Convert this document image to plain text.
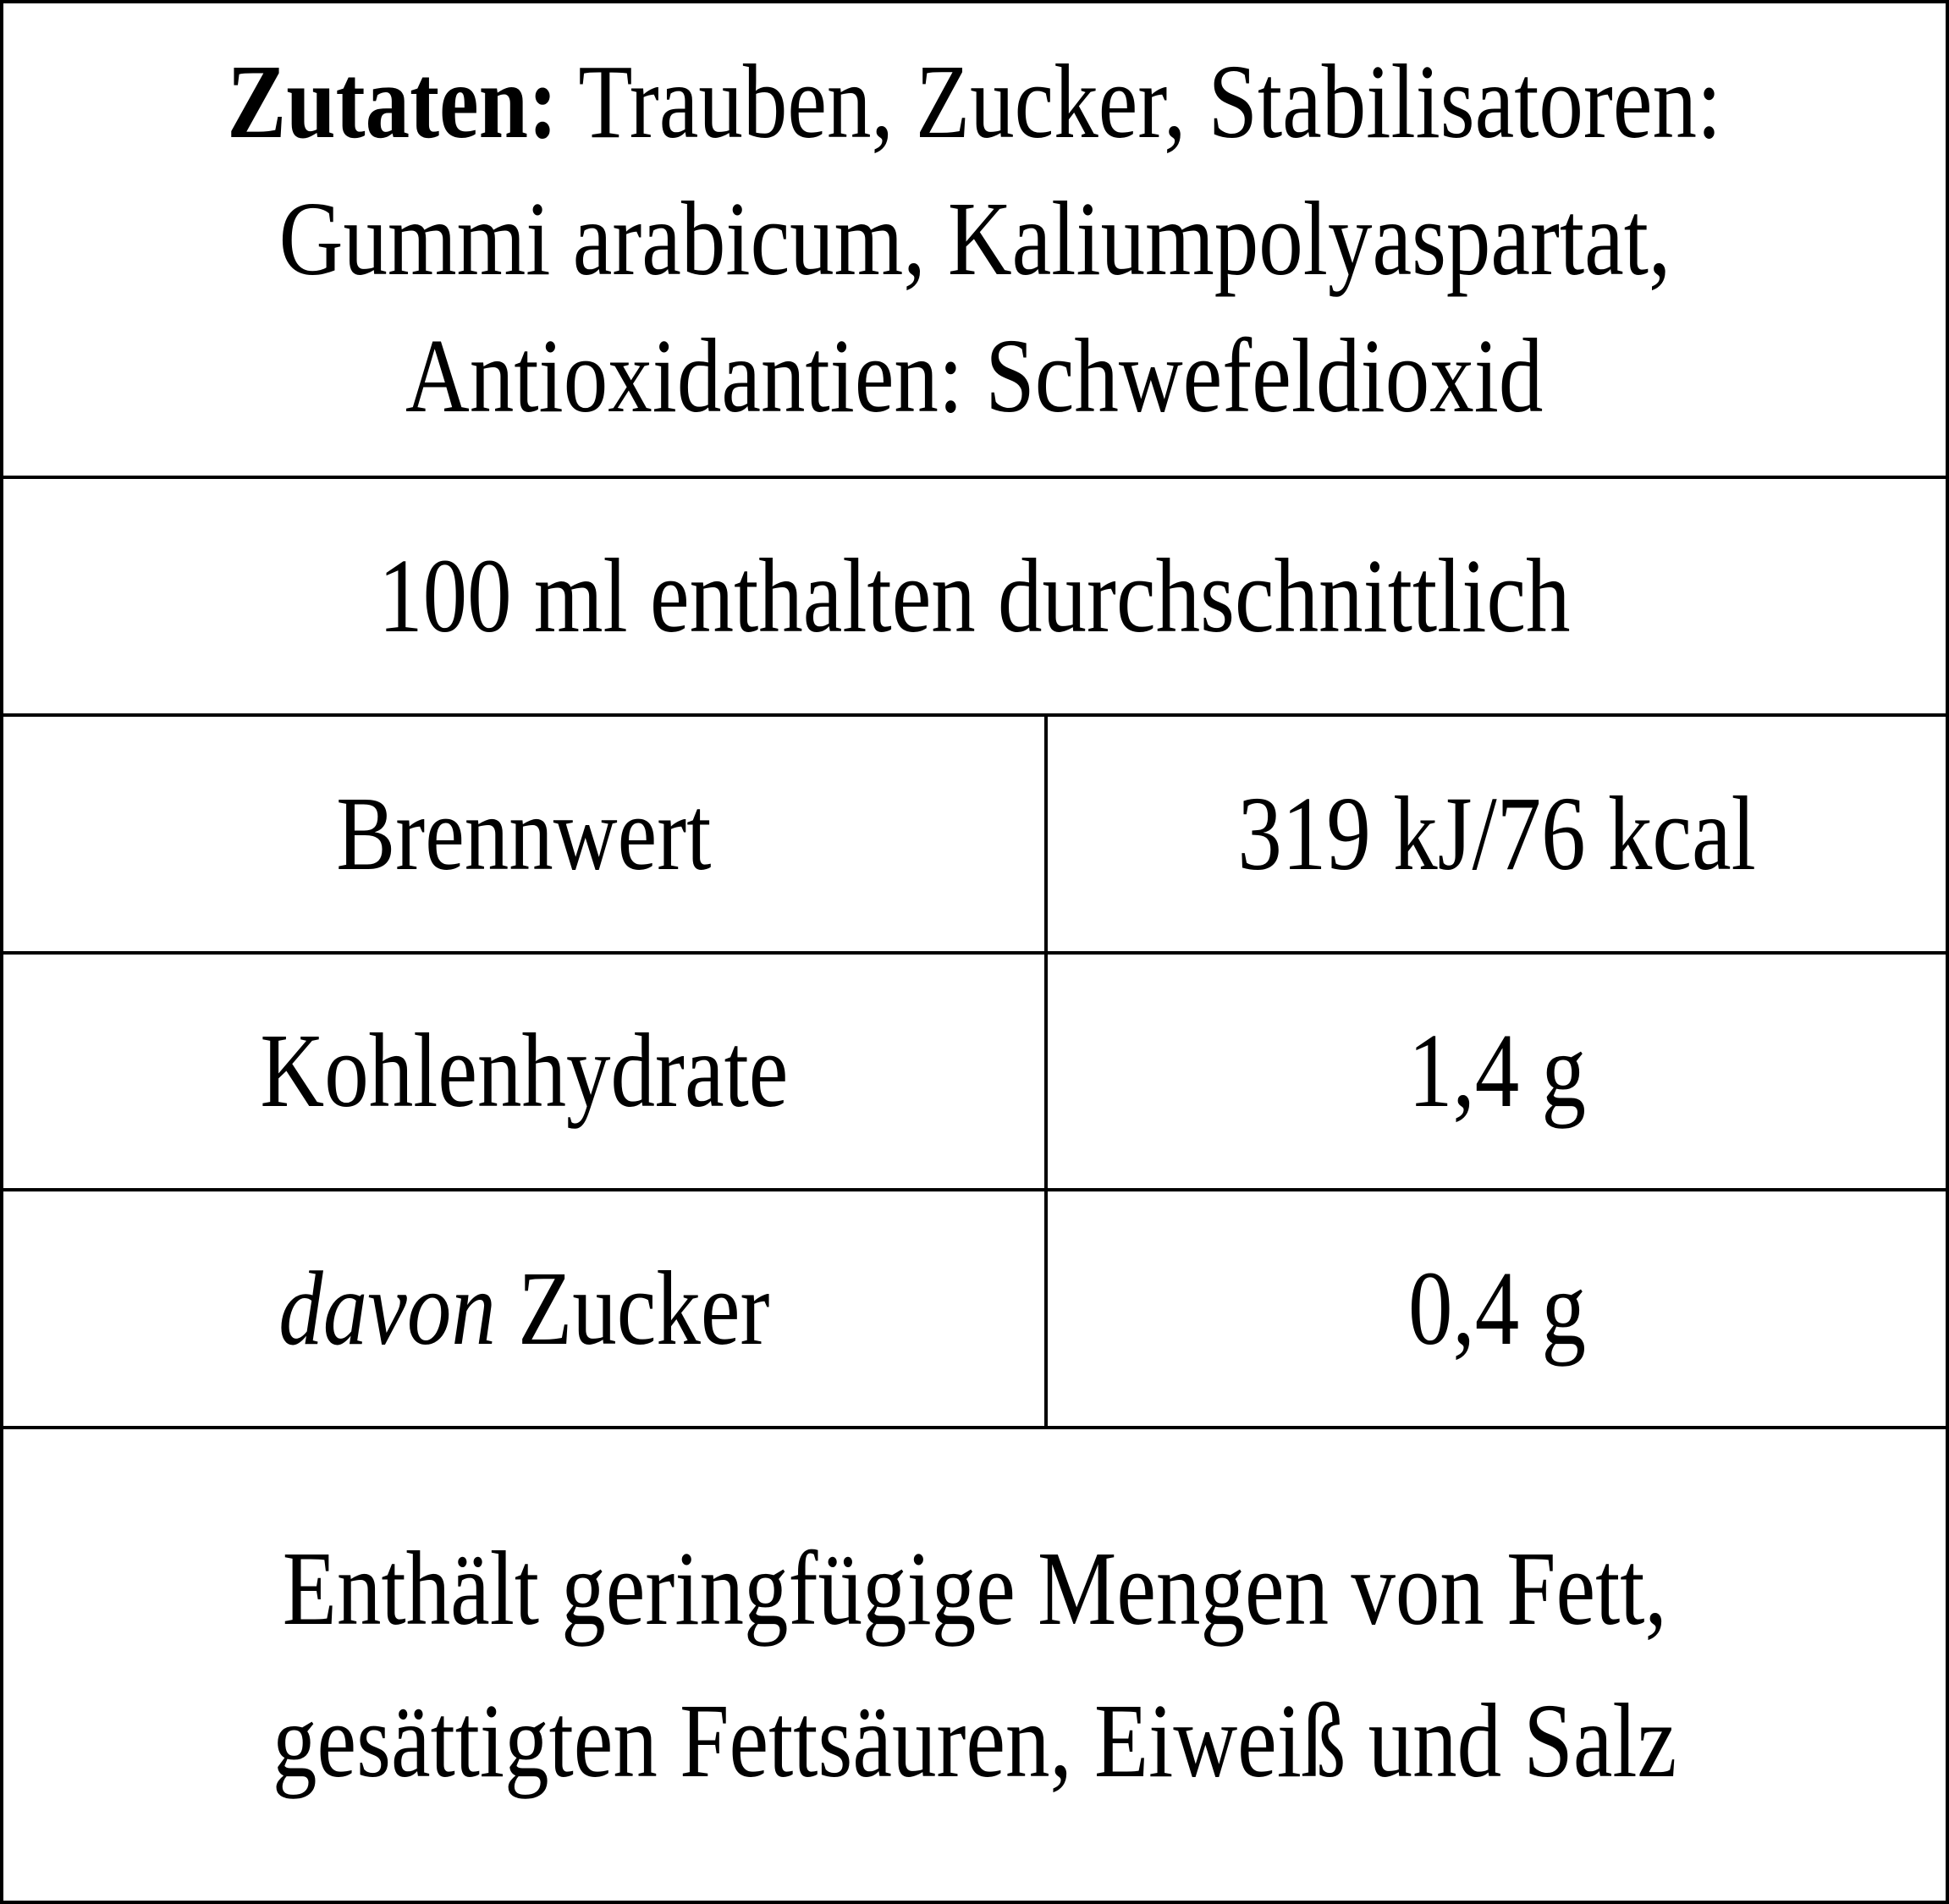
Zutaten: Trauben, Zucker, Stabilisatoren:
Gummi arabicum, Kaliumpolyaspartat,
Antioxidantien: Schwefeldioxid
100 ml enthalten durchschnittlich
Brennwert	319 kJ/76 kcal
Kohlenhydrate	1,4 g
davon Zucker	0,4 g
Enthält geringfügige Mengen von Fett,
gesättigten Fettsäuren, Eiweiß und Salz
